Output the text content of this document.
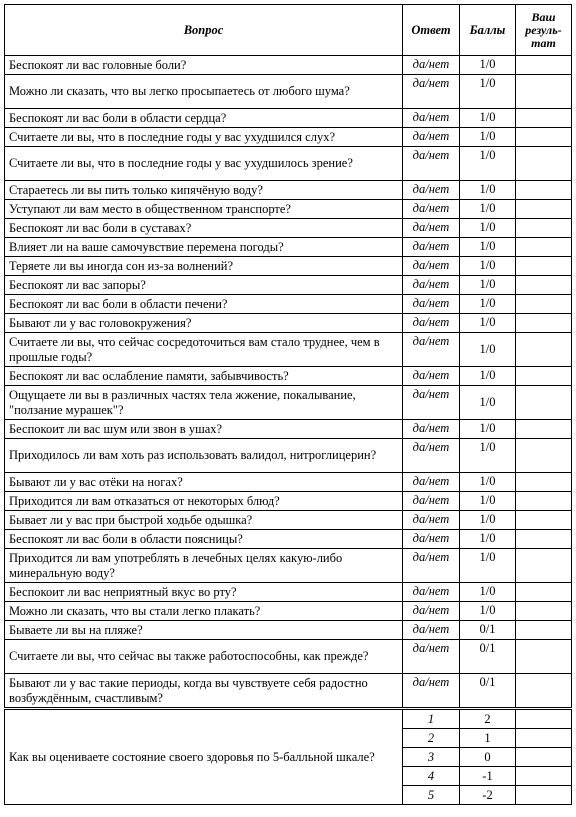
Вопрос	Ответ	Баллы	Ваш
резуль-
тат
Беспокоят ли вас головные боли?	да/нет	1/0	
Можно ли сказать, что вы легко просыпаетесь от любого шума?	да/нет	1/0	
Беспокоят ли вас боли в области сердца?	да/нет	1/0	
Считаете ли вы, что в последние годы у вас ухудшился слух?	да/нет	1/0	
Считаете ли вы, что в последние годы у вас ухудшилось зрение?	да/нет	1/0	
Стараетесь ли вы пить только кипячёную воду?	да/нет	1/0	
Уступают ли вам место в общественном транспорте?	да/нет	1/0	
Беспокоят ли вас боли в суставах?	да/нет	1/0	
Влияет ли на ваше самочувствие перемена погоды?	да/нет	1/0	
Теряете ли вы иногда сон из-за волнений?	да/нет	1/0	
Беспокоят ли вас запоры?	да/нет	1/0	
Беспокоят ли вас боли в области печени?	да/нет	1/0	
Бывают ли у вас головокружения?	да/нет	1/0	
Считаете ли вы, что сейчас сосредоточиться вам стало труднее, чем в прошлые годы?	да/нет	1/0	
Беспокоят ли вас ослабление памяти, забывчивость?	да/нет	1/0	
Ощущаете ли вы в различных частях тела жжение, покалывание, "ползание мурашек"?	да/нет	1/0	
Беспокоит ли вас шум или звон в ушах?	да/нет	1/0	
Приходилось ли вам хоть раз использовать валидол, нитроглицерин?	да/нет	1/0	
Бывают ли у вас отёки на ногах?	да/нет	1/0	
Приходится ли вам отказаться от некоторых блюд?	да/нет	1/0	
Бывает ли у вас при быстрой ходьбе одышка?	да/нет	1/0	
Беспокоят ли вас боли в области поясницы?	да/нет	1/0	
Приходится ли вам употреблять в лечебных целях какую-либо минеральную воду?	да/нет	1/0	
Беспокоит ли вас неприятный вкус во рту?	да/нет	1/0	
Можно ли сказать, что вы стали легко плакать?	да/нет	1/0	
Бываете ли вы на пляже?	да/нет	0/1	
Считаете ли вы, что сейчас вы также работоспособны, как прежде?	да/нет	0/1	
Бывают ли у вас такие периоды, когда вы чувствуете себя радостно возбуждённым, счастливым?	да/нет	0/1	
Как вы оцениваете состояние своего здоровья по 5-балльной шкале?	1	2	
	2	1	
	3	0	
	4	-1	
	5	-2	
